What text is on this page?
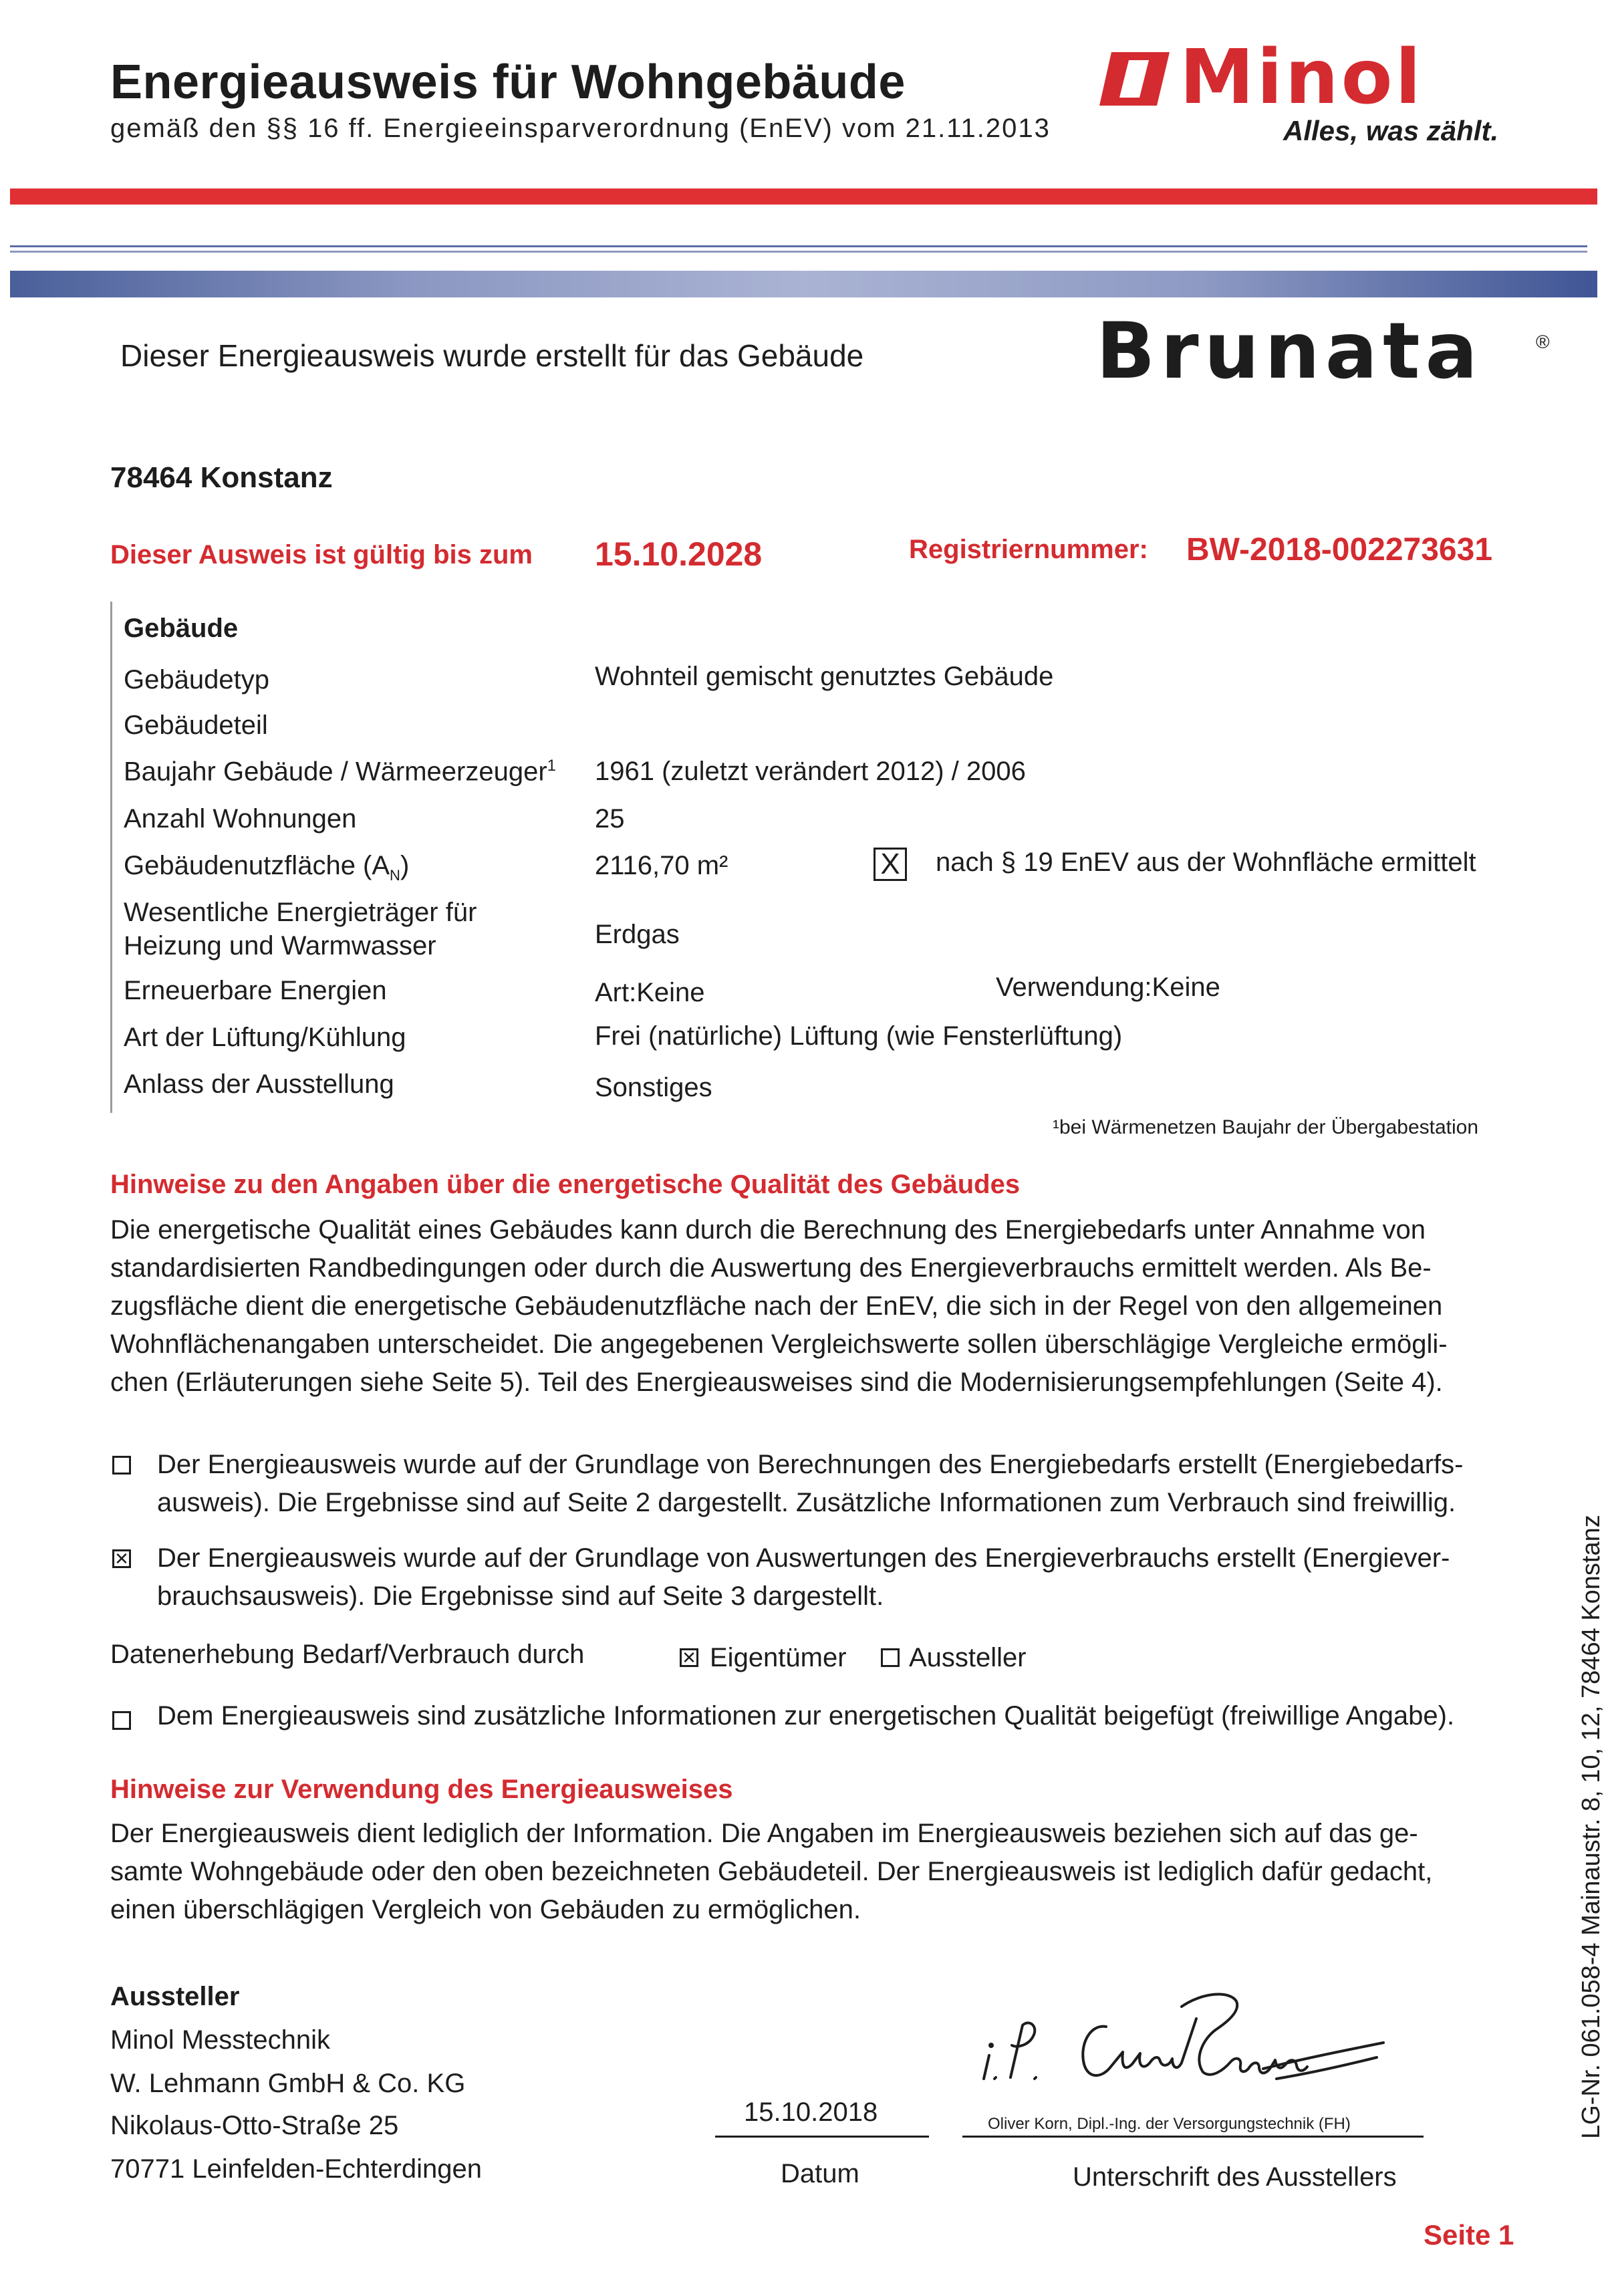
Energieausweis für Wohngebäude
gemäß den §§ 16 ff. Energieeinsparverordnung (EnEV) vom 21.11.2013
Minol
Alles, was zählt.
Dieser Energieausweis wurde erstellt für das Gebäude	Brunata	®
78464 Konstanz
Dieser Ausweis ist gültig bis zum 15.10.2028	Registriernummer: BW-2018-002273631
Gebäude
Gebäudetyp	Wohnteil gemischt genutztes Gebäude
Gebäudeteil
Baujahr Gebäude / Wärmeerzeuger$^1$ 1961 (zuletzt verändert 2012) / 2006
Anzahl Wohnungen	25
Gebäudenutzfläche $(A_N)$	2116,70 m²	X nach § 19 EnEV aus der Wohnfläche ermittelt
Wesentliche Energieträger für
Heizung und Warmwasser	Erdgas
Erneuerbare Energien	Art:Keine	Verwendung:Keine
Art der Lüftung/Kühlung	Frei (natürliche) Lüftung (wie Fensterlüftung)
Anlass der Ausstellung	Sonstiges
¹bei Wärmenetzen Baujahr der Übergabestation
Hinweise zu den Angaben über die energetische Qualität des Gebäudes

Die energetische Qualität eines Gebäudes kann durch die Berechnung des Energiebedarfs unter Annahme von

standardisierten Randbedingungen oder durch die Auswertung des Energieverbrauchs ermittelt werden. Als Be-

zugsfläche dient die energetische Gebäudenutzfläche nach der EnEV, die sich in der Regel von den allgemeinen

Wohnflächenangaben unterscheidet. Die angegebenen Vergleichswerte sollen überschlägige Vergleiche ermögli-

chen (Erläuterungen siehe Seite 5). Teil des Energieausweises sind die Modernisierungsempfehlungen (Seite 4).

Der Energieausweis wurde auf der Grundlage von Berechnungen des Energiebedarfs erstellt (Energiebedarfs-
ausweis). Die Ergebnisse sind auf Seite 2 dargestellt. Zusätzliche Informationen zum Verbrauch sind freiwillig.
✕ Der Energieausweis wurde auf der Grundlage von Auswertungen des Energieverbrauchs erstellt (Energiever-
brauchsausweis). Die Ergebnisse sind auf Seite 3 dargestellt.
Datenerhebung Bedarf/Verbrauch durch	✕ Eigentümer Aussteller
Dem Energieausweis sind zusätzliche Informationen zur energetischen Qualität beigefügt (freiwillige Angabe).
Hinweise zur Verwendung des Energieausweises

Der Energieausweis dient lediglich der Information. Die Angaben im Energieausweis beziehen sich auf das ge-

samte Wohngebäude oder den oben bezeichneten Gebäudeteil. Der Energieausweis ist lediglich dafür gedacht,

einen überschlägigen Vergleich von Gebäuden zu ermöglichen.

Aussteller
Minol Messtechnik
W. Lehmann GmbH & Co. KG
Nikolaus-Otto-Straße 25
70771 Leinfelden-Echterdingen
15.10.2018
Datum
Oliver Korn, Dipl.-Ing. der Versorgungstechnik (FH)
Unterschrift des Ausstellers
Seite 1
LG-Nr. 061.058-4 Mainaustr. 8, 10, 12, 78464 Konstanz
